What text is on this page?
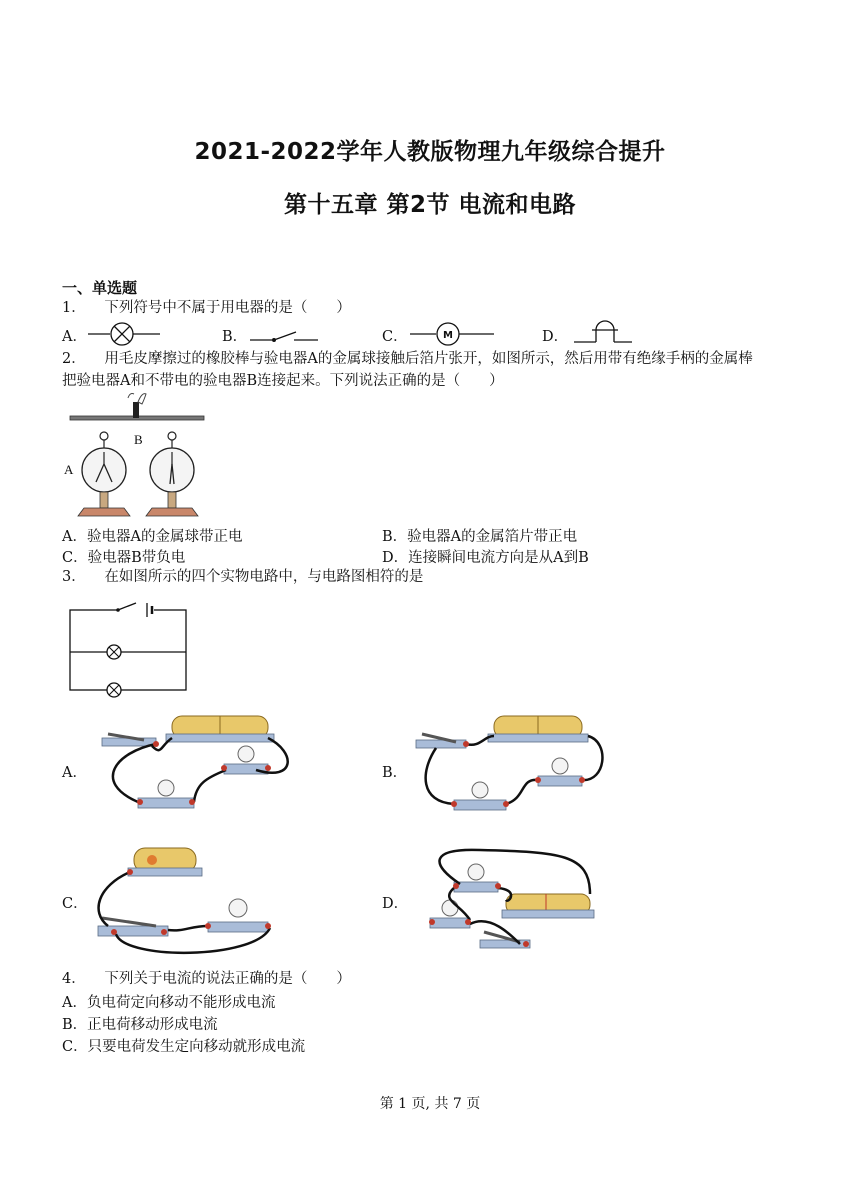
2021-2022学年人教版物理九年级综合提升
第十五章 第2节 电流和电路
一、单选题
1． 下列符号中不属于用电器的是（　　）
A．	B．	C．	M	D．
2． 用毛皮摩擦过的橡胶棒与验电器A的金属球接触后箔片张开，如图所示，然后用带有绝缘手柄的金属棒
把验电器A和不带电的验电器B连接起来。下列说法正确的是（　　）
A
B
A．验电器A的金属球带正电	B．验电器A的金属箔片带正电
C．验电器B带负电	D．连接瞬间电流方向是从A到B
3． 在如图所示的四个实物电路中，与电路图相符的是
A．	B．
C．	D．
4． 下列关于电流的说法正确的是（　　）
A．负电荷定向移动不能形成电流
B．正电荷移动形成电流
C．只要电荷发生定向移动就形成电流
第 1 页, 共 7 页
